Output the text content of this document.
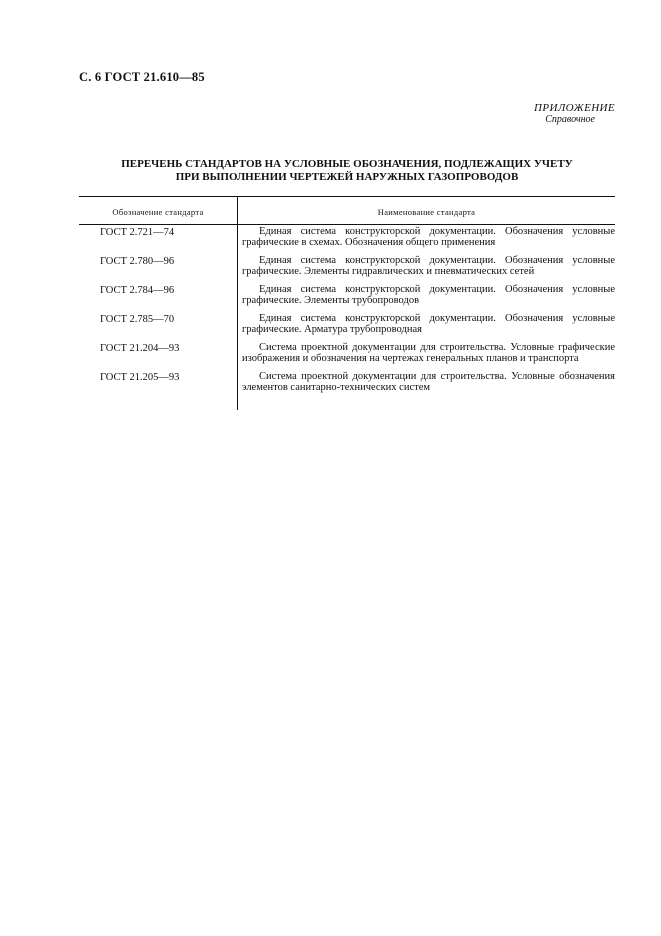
С. 6 ГОСТ 21.610—85
ПРИЛОЖЕНИЕ
Справочное
ПЕРЕЧЕНЬ СТАНДАРТОВ НА УСЛОВНЫЕ ОБОЗНАЧЕНИЯ, ПОДЛЕЖАЩИХ УЧЕТУ
ПРИ ВЫПОЛНЕНИИ ЧЕРТЕЖЕЙ НАРУЖНЫХ ГАЗОПРОВОДОВ
Обозначение стандарта	Наименование стандарта
ГОСТ 2.721—74	Единая система конструкторской документации. Обозначения условные графические в схемах. Обозначения общего применения
ГОСТ 2.780—96	Единая система конструкторской документации. Обозначения условные графические. Элементы гидравлических и пневматических сетей
ГОСТ 2.784—96	Единая система конструкторской документации. Обозначения условные графические. Элементы трубопроводов
ГОСТ 2.785—70	Единая система конструкторской документации. Обозначения условные графические. Арматура трубопроводная
ГОСТ 21.204—93	Система проектной документации для строительства. Условные графические изображения и обозначения на чертежах генеральных планов и транспорта
ГОСТ 21.205—93	Система проектной документации для строительства. Условные обозначения элементов санитарно-технических систем
